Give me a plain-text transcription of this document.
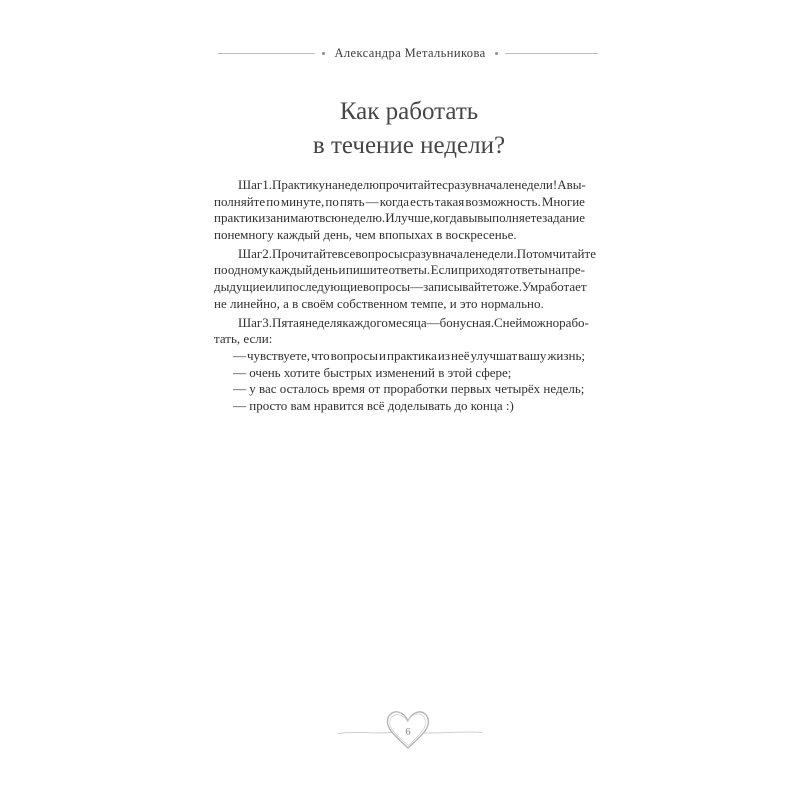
Александра Метальникова
Как работать
в течение недели?

Шаг 1. Практику на неделю прочитайте сразу в начале недели! А вы-
полняйте по минуте, по пять — когда есть такая возможность. Многие
практики занимают всю неделю. И лучше, когда вы выполняете задание
понемногу каждый день, чем впопыхах в воскресенье.

Шаг 2. Прочитайте все вопросы сразу в начале недели. Потом читайте
по одному каждый день и пишите ответы. Если приходят ответы на пре-
дыдущие или последующие вопросы — записывайте тоже. Ум работает
не линейно, а в своём собственном темпе, и это нормально.

Шаг 3. Пятая неделя каждого месяца — бонусная. С ней можно рабо-
тать, если:
— чувствуете, что вопросы и практика из неё улучшат вашу жизнь;
— очень хотите быстрых изменений в этой сфере;
— у вас осталось время от проработки первых четырёх недель;
— просто вам нравится всё доделывать до конца :)

6
